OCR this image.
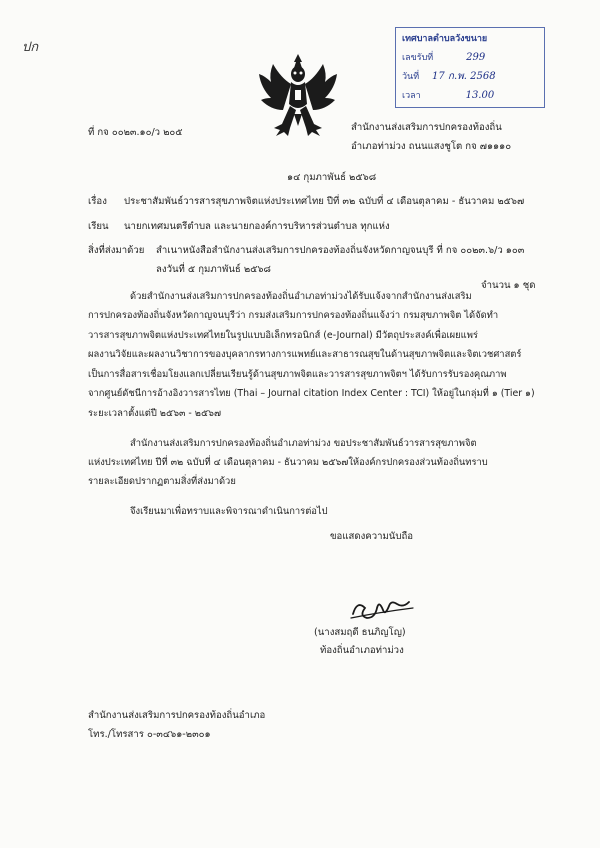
ปก
เทศบาลตำบลวังขนาย
เลขรับที่	299
วันที่ 17 ก.พ. 2568
เวลา	13.00
ที่ กจ ๐๐๒๓.๑๐/ว ๒๐๕	สำนักงานส่งเสริมการปกครองท้องถิ่น
อำเภอท่าม่วง ถนนแสงชูโต กจ ๗๑๑๑๐
๑๔ กุมภาพันธ์ ๒๕๖๘
เรื่อง ประชาสัมพันธ์วารสารสุขภาพจิตแห่งประเทศไทย ปีที่ ๓๒ ฉบับที่ ๔ เดือนตุลาคม - ธันวาคม ๒๕๖๗
เรียน นายกเทศมนตรีตำบล และนายกองค์การบริหารส่วนตำบล ทุกแห่ง
สิ่งที่ส่งมาด้วย สำเนาหนังสือสำนักงานส่งเสริมการปกครองท้องถิ่นจังหวัดกาญจนบุรี ที่ กจ ๐๐๒๓.๖/ว ๑๐๓
ลงวันที่ ๕ กุมภาพันธ์ ๒๕๖๘
จำนวน ๑ ชุด
ด้วยสำนักงานส่งเสริมการปกครองท้องถิ่นอำเภอท่าม่วงได้รับแจ้งจากสำนักงานส่งเสริม
การปกครองท้องถิ่นจังหวัดกาญจนบุรีว่า กรมส่งเสริมการปกครองท้องถิ่นแจ้งว่า กรมสุขภาพจิต ได้จัดทำ
วารสารสุขภาพจิตแห่งประเทศไทยในรูปแบบอิเล็กทรอนิกส์ (e-Journal) มีวัตถุประสงค์เพื่อเผยแพร่
ผลงานวิจัยและผลงานวิชาการของบุคลากรทางการแพทย์และสาธารณสุขในด้านสุขภาพจิตและจิตเวชศาสตร์
เป็นการสื่อสารเชื่อมโยงแลกเปลี่ยนเรียนรู้ด้านสุขภาพจิตและวารสารสุขภาพจิตฯ ได้รับการรับรองคุณภาพ
จากศูนย์ดัชนีการอ้างอิงวารสารไทย (Thai – Journal citation Index Center : TCI) ให้อยู่ในกลุ่มที่ ๑ (Tier ๑)
ระยะเวลาตั้งแต่ปี ๒๕๖๓ - ๒๕๖๗
สำนักงานส่งเสริมการปกครองท้องถิ่นอำเภอท่าม่วง ขอประชาสัมพันธ์วารสารสุขภาพจิต
แห่งประเทศไทย ปีที่ ๓๒ ฉบับที่ ๔ เดือนตุลาคม - ธันวาคม ๒๕๖๗ให้องค์กรปกครองส่วนท้องถิ่นทราบ
รายละเอียดปรากฏตามสิ่งที่ส่งมาด้วย
จึงเรียนมาเพื่อทราบและพิจารณาดำเนินการต่อไป
ขอแสดงความนับถือ
(นางสมฤดี ธนภิญโญ)
ท้องถิ่นอำเภอท่าม่วง
สำนักงานส่งเสริมการปกครองท้องถิ่นอำเภอ
โทร./โทรสาร ๐-๓๔๖๑-๒๓๐๑
